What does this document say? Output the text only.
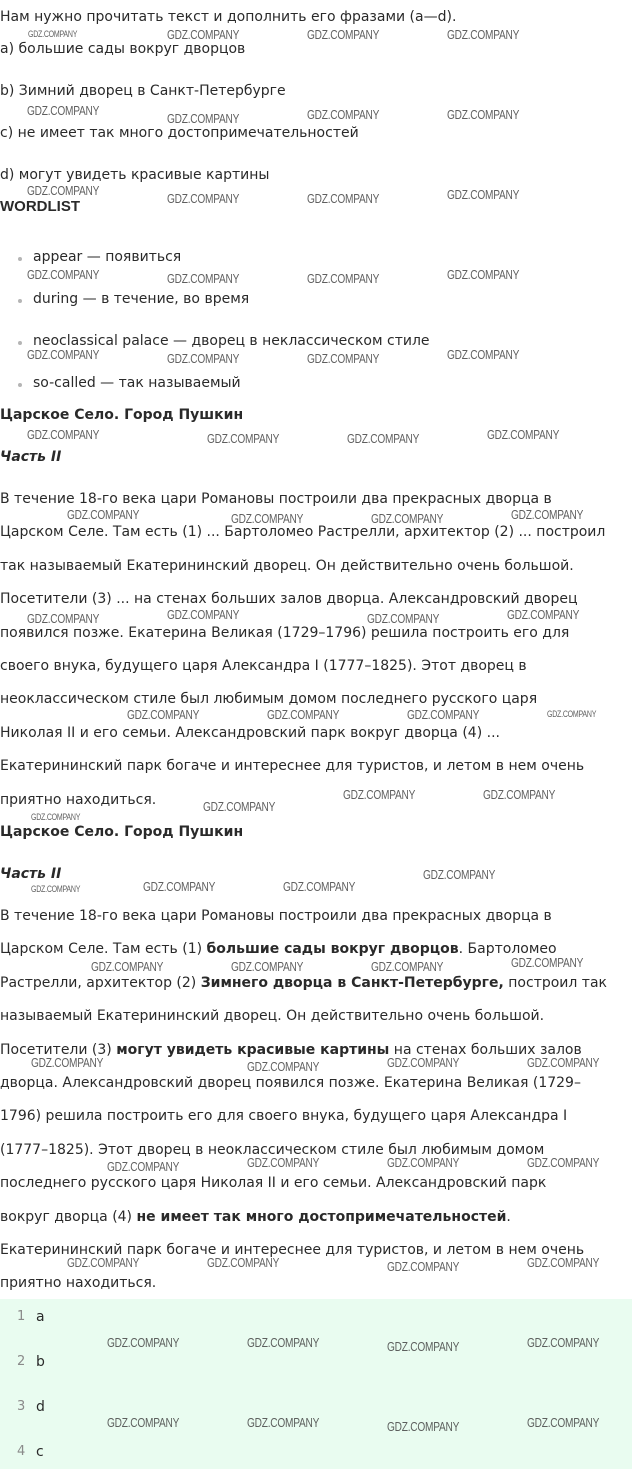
Нам нужно прочитать текст и дополнить его фразами (a—d).
a) большие сады вокруг дворцов
b) Зимний дворец в Санкт-Петербурге
c) не имеет так много достопримечательностей
d) могут увидеть красивые картины
WORDLIST
appear — появиться
during — в течение, во время
neoclassical palace — дворец в неклассическом стиле
so-called — так называемый
Царское Село. Город Пушкин
Часть II
В течение 18-го века цари Романовы построили два прекрасных дворца в
Царском Селе. Там есть (1) ... Бартоломео Растрелли, архитектор (2) ... построил
так называемый Екатерининский дворец. Он действительно очень большой.
Посетители (3) ... на стенах больших залов дворца. Александровский дворец
появился позже. Екатерина Великая (1729–1796) решила построить его для
своего внука, будущего царя Александра I (1777–1825). Этот дворец в
неоклассическом стиле был любимым домом последнего русского царя
Николая II и его семьи. Александровский парк вокруг дворца (4) ...
Екатерининский парк богаче и интереснее для туристов, и летом в нем очень
приятно находиться.
Царское Село. Город Пушкин
Часть II
В течение 18-го века цари Романовы построили два прекрасных дворца в
Царском Селе. Там есть (1) большие сады вокруг дворцов. Бартоломео
Растрелли, архитектор (2) Зимнего дворца в Санкт-Петербурге, построил так
называемый Екатерининский дворец. Он действительно очень большой.
Посетители (3) могут увидеть красивые картины на стенах больших залов
дворца. Александровский дворец появился позже. Екатерина Великая (1729–
1796) решила построить его для своего внука, будущего царя Александра I
(1777–1825). Этот дворец в неоклассическом стиле был любимым домом
последнего русского царя Николая II и его семьи. Александровский парк
вокруг дворца (4) не имеет так много достопримечательностей.
Екатерининский парк богаче и интереснее для туристов, и летом в нем очень
приятно находиться.
1 a
2 b
3 d
4 c
GDZ.COMPANY	GDZ.COMPANY	GDZ.COMPANY	GDZ.COMPANY
GDZ.COMPANY
GDZ.COMPANY	GDZ.COMPANY	GDZ.COMPANY
GDZ.COMPANY
GDZ.COMPANY	GDZ.COMPANY	GDZ.COMPANY
GDZ.COMPANY	GDZ.COMPANY	GDZ.COMPANY	GDZ.COMPANY
GDZ.COMPANY	GDZ.COMPANY	GDZ.COMPANY	GDZ.COMPANY
GDZ.COMPANY	GDZ.COMPANY	GDZ.COMPANY	GDZ.COMPANY
GDZ.COMPANY	GDZ.COMPANY	GDZ.COMPANY	GDZ.COMPANY
GDZ.COMPANY	GDZ.COMPANY	GDZ.COMPANY	GDZ.COMPANY
GDZ.COMPANY	GDZ.COMPANY	GDZ.COMPANY	GDZ.COMPANY
GDZ.COMPANY
GDZ.COMPANY	GDZ.COMPANY
GDZ.COMPANY
GDZ.COMPANY	GDZ.COMPANY	GDZ.COMPANY
GDZ.COMPANY
GDZ.COMPANY	GDZ.COMPANY	GDZ.COMPANY	GDZ.COMPANY
GDZ.COMPANY	GDZ.COMPANY	GDZ.COMPANY	GDZ.COMPANY
GDZ.COMPANY	GDZ.COMPANY	GDZ.COMPANY	GDZ.COMPANY
GDZ.COMPANY	GDZ.COMPANY	GDZ.COMPANY	GDZ.COMPANY
GDZ.COMPANY	GDZ.COMPANY	GDZ.COMPANY	GDZ.COMPANY
GDZ.COMPANY	GDZ.COMPANY	GDZ.COMPANY	GDZ.COMPANY
